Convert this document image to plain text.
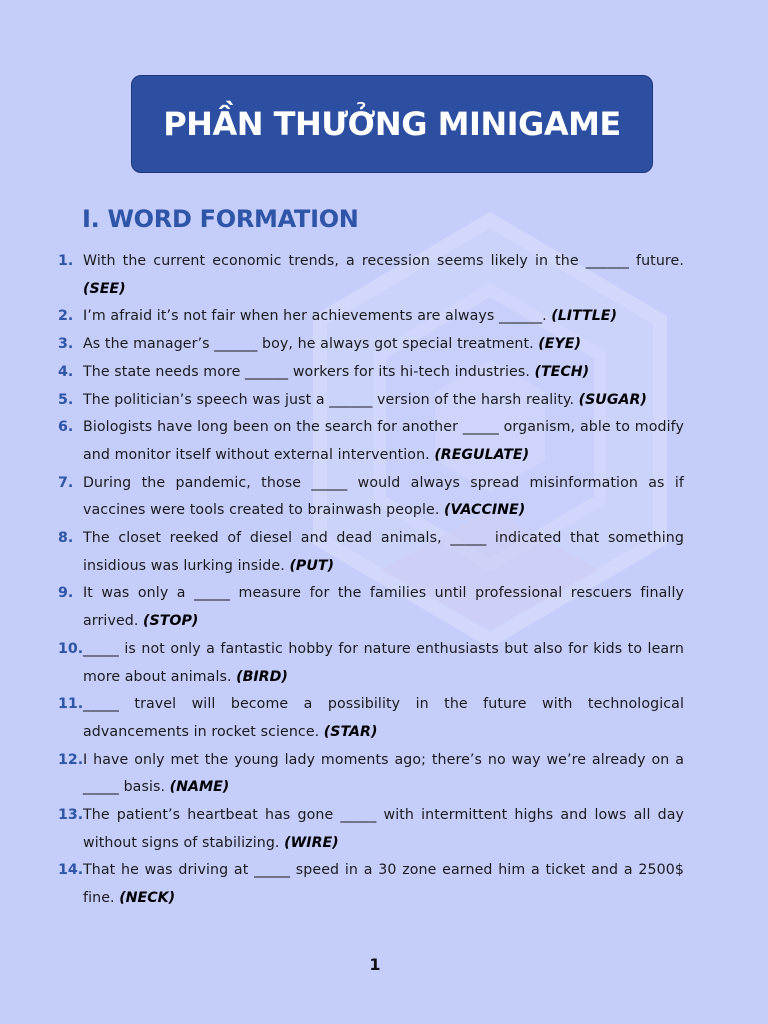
PHẦN THƯỞNG MINIGAME
I. WORD FORMATION
1. With the current economic trends, a recession seems likely in the ______ future. (SEE)
2. I’m afraid it’s not fair when her achievements are always ______. (LITTLE)
3. As the manager’s ______ boy, he always got special treatment. (EYE)
4. The state needs more ______ workers for its hi-tech industries. (TECH)
5. The politician’s speech was just a ______ version of the harsh reality. (SUGAR)
6. Biologists have long been on the search for another _____ organism, able to modify and monitor itself without external intervention. (REGULATE)
7. During the pandemic, those _____ would always spread misinformation as if vaccines were tools created to brainwash people. (VACCINE)
8. The closet reeked of diesel and dead animals, _____ indicated that something insidious was lurking inside. (PUT)
9. It was only a _____ measure for the families until professional rescuers finally arrived. (STOP)
10. _____ is not only a fantastic hobby for nature enthusiasts but also for kids to learn more about animals. (BIRD)
11. _____ travel will become a possibility in the future with technological advancements in rocket science. (STAR)
12. I have only met the young lady moments ago; there’s no way we’re already on a _____ basis. (NAME)
13. The patient’s heartbeat has gone _____ with intermittent highs and lows all day without signs of stabilizing. (WIRE)
14. That he was driving at _____ speed in a 30 zone earned him a ticket and a 2500$ fine. (NECK)
1
